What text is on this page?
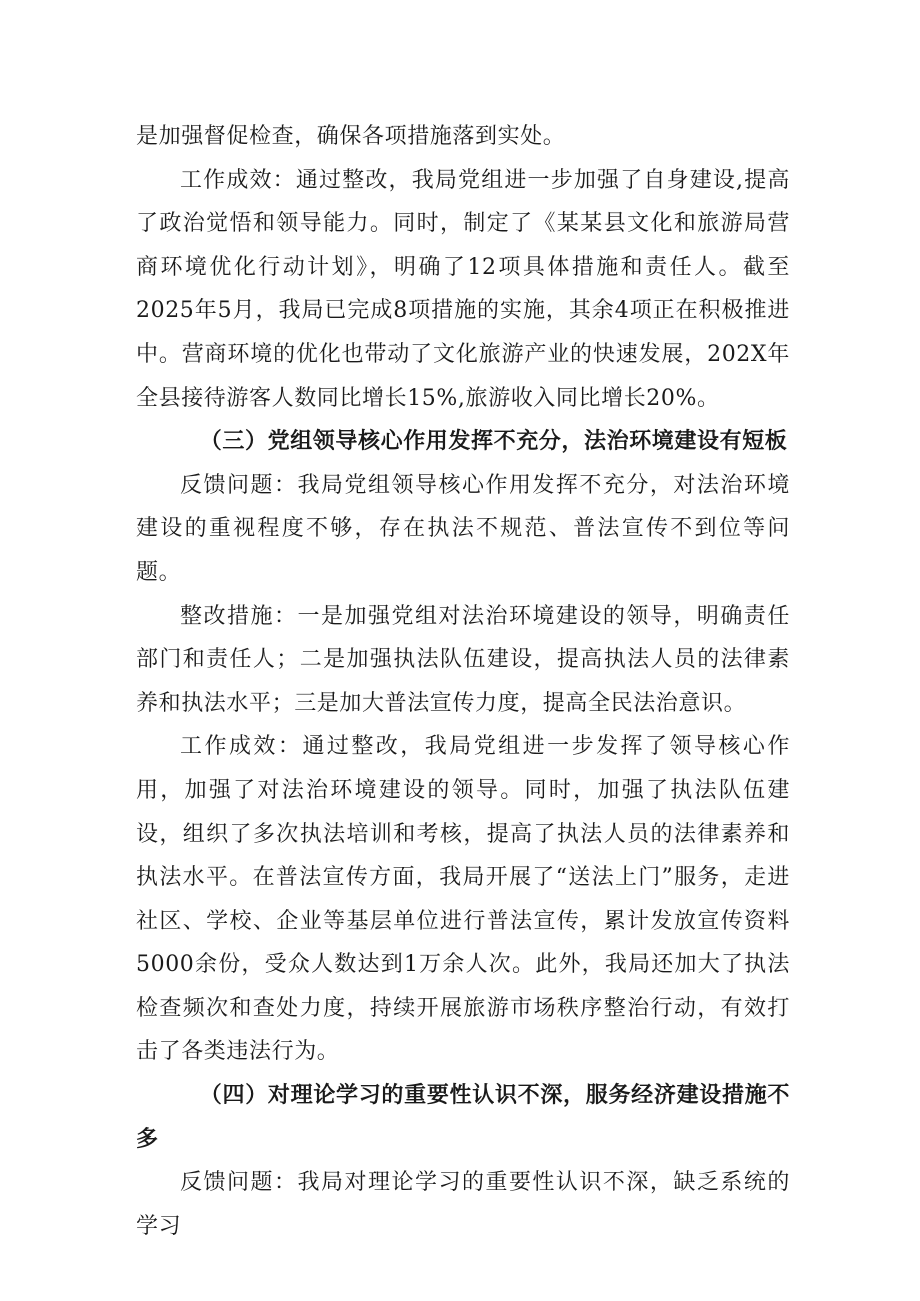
是加强督促检查，确保各项措施落到实处。

工作成效：通过整改，我局党组进一步加强了自身建设,提高了政治觉悟和领导能力。同时，制定了《某某县文化和旅游局营商环境优化行动计划》，明确了12项具体措施和责任人。截至2025年5月，我局已完成8项措施的实施，其余4项正在积极推进中。营商环境的优化也带动了文化旅游产业的快速发展，202X年全县接待游客人数同比增长15%,旅游收入同比增长20%。

（三）党组领导核心作用发挥不充分，法治环境建设有短板

反馈问题：我局党组领导核心作用发挥不充分，对法治环境建设的重视程度不够，存在执法不规范、普法宣传不到位等问题。

整改措施：一是加强党组对法治环境建设的领导，明确责任部门和责任人；二是加强执法队伍建设，提高执法人员的法律素养和执法水平；三是加大普法宣传力度，提高全民法治意识。

工作成效：通过整改，我局党组进一步发挥了领导核心作用，加强了对法治环境建设的领导。同时，加强了执法队伍建设，组织了多次执法培训和考核，提高了执法人员的法律素养和执法水平。在普法宣传方面，我局开展了“送法上门”服务，走进社区、学校、企业等基层单位进行普法宣传，累计发放宣传资料5000余份，受众人数达到1万余人次。此外，我局还加大了执法检查频次和查处力度，持续开展旅游市场秩序整治行动，有效打击了各类违法行为。

（四）对理论学习的重要性认识不深，服务经济建设措施不多

反馈问题：我局对理论学习的重要性认识不深，缺乏系统的学习
